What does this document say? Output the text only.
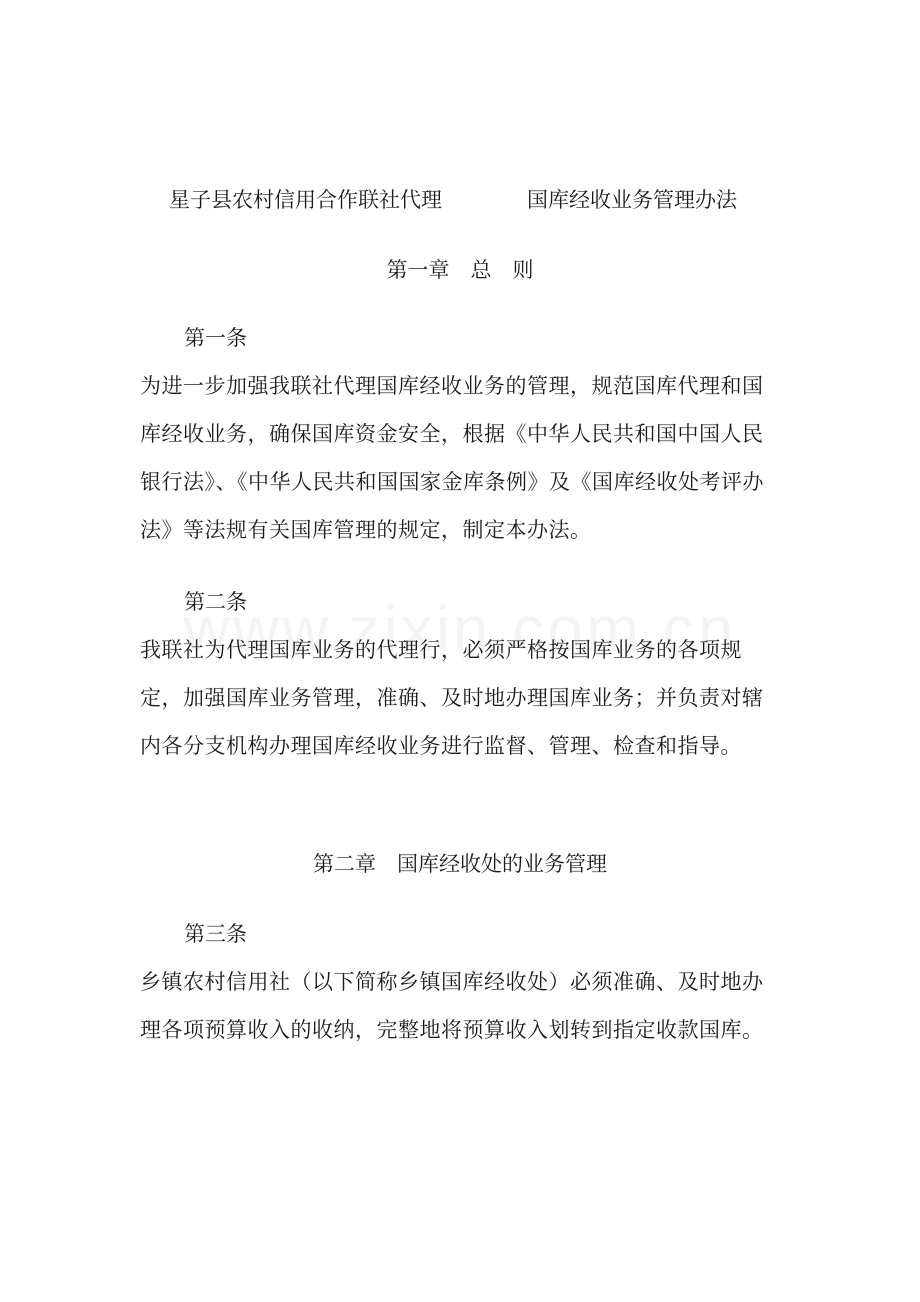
星子县农村信用合作联社代理	国库经收业务管理办法
第一章　总　则
第一条

为进一步加强我联社代理国库经收业务的管理，规范国库代理和国库经收业务，确保国库资金安全，根据《中华人民共和国中国人民银行法》、《中华人民共和国国家金库条例》及《国库经收处考评办法》等法规有关国库管理的规定，制定本办法。

第二条

我联社为代理国库业务的代理行，必须严格按国库业务的各项规定，加强国库业务管理，准确、及时地办理国库业务；并负责对辖内各分支机构办理国库经收业务进行监督、管理、检查和指导。

第二章　国库经收处的业务管理
第三条

乡镇农村信用社（以下简称乡镇国库经收处）必须准确、及时地办理各项预算收入的收纳，完整地将预算收入划转到指定收款国库。
